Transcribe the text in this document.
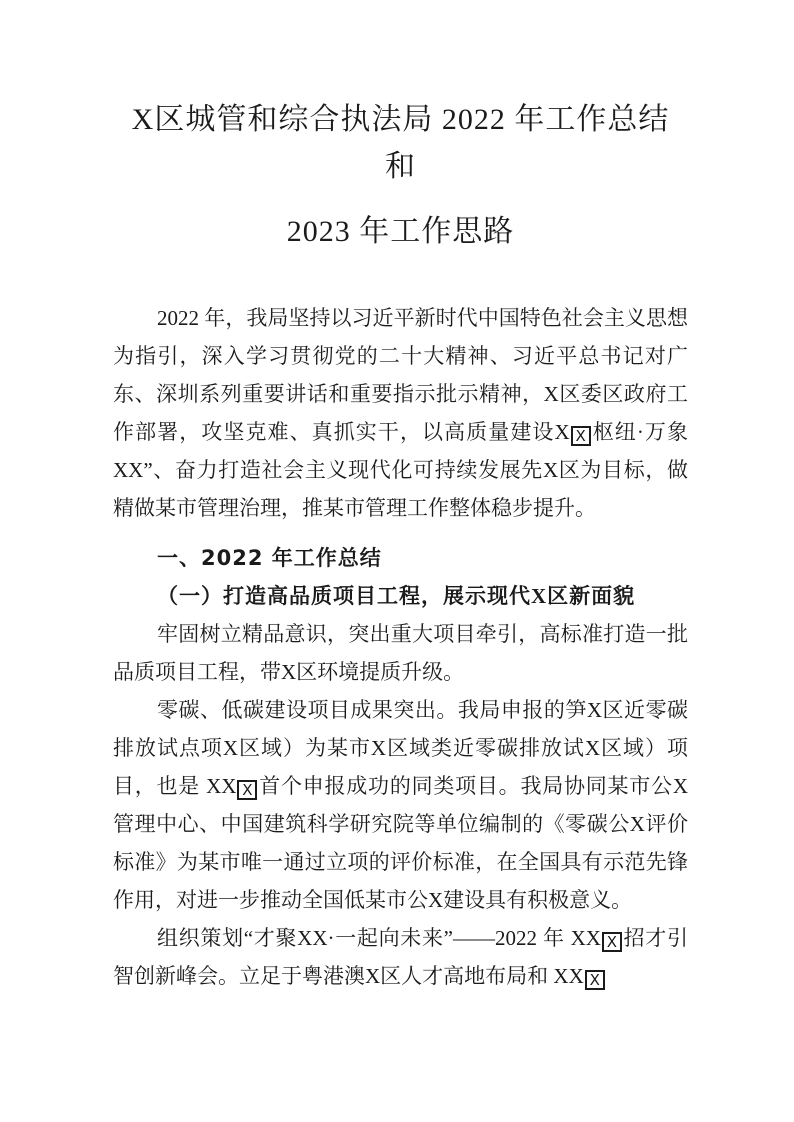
X区城管和综合执法局 2022 年工作总结
和
2023 年工作思路

2022 年，我局坚持以习近平新时代中国特色社会主义思想为指引，深入学习贯彻党的二十大精神、习近平总书记对广东、深圳系列重要讲话和重要指示批示精神，X区委区政府工作部署，攻坚克难、真抓实干，以高质量建设X X 枢纽·万象 XX”、奋力打造社会主义现代化可持续发展先X区为目标，做精做某市管理治理，推某市管理工作整体稳步提升。

一、2022 年工作总结

（一）打造高品质项目工程，展示现代X区新面貌

牢固树立精品意识，突出重大项目牵引，高标准打造一批品质项目工程，带X区环境提质升级。

零碳、低碳建设项目成果突出。我局申报的笋X区近零碳排放试点项X区域）为某市X区域类近零碳排放试X区域）项目，也是 XX X 首个申报成功的同类项目。我局协同某市公X管理中心、中国建筑科学研究院等单位编制的《零碳公X评价标准》为某市唯一通过立项的评价标准，在全国具有示范先锋作用，对进一步推动全国低某市公X建设具有积极意义。

组织策划“才聚XX·一起向未来”——2022 年 XX X 招才引智创新峰会。立足于粤港澳X区人才高地布局和 XX X
